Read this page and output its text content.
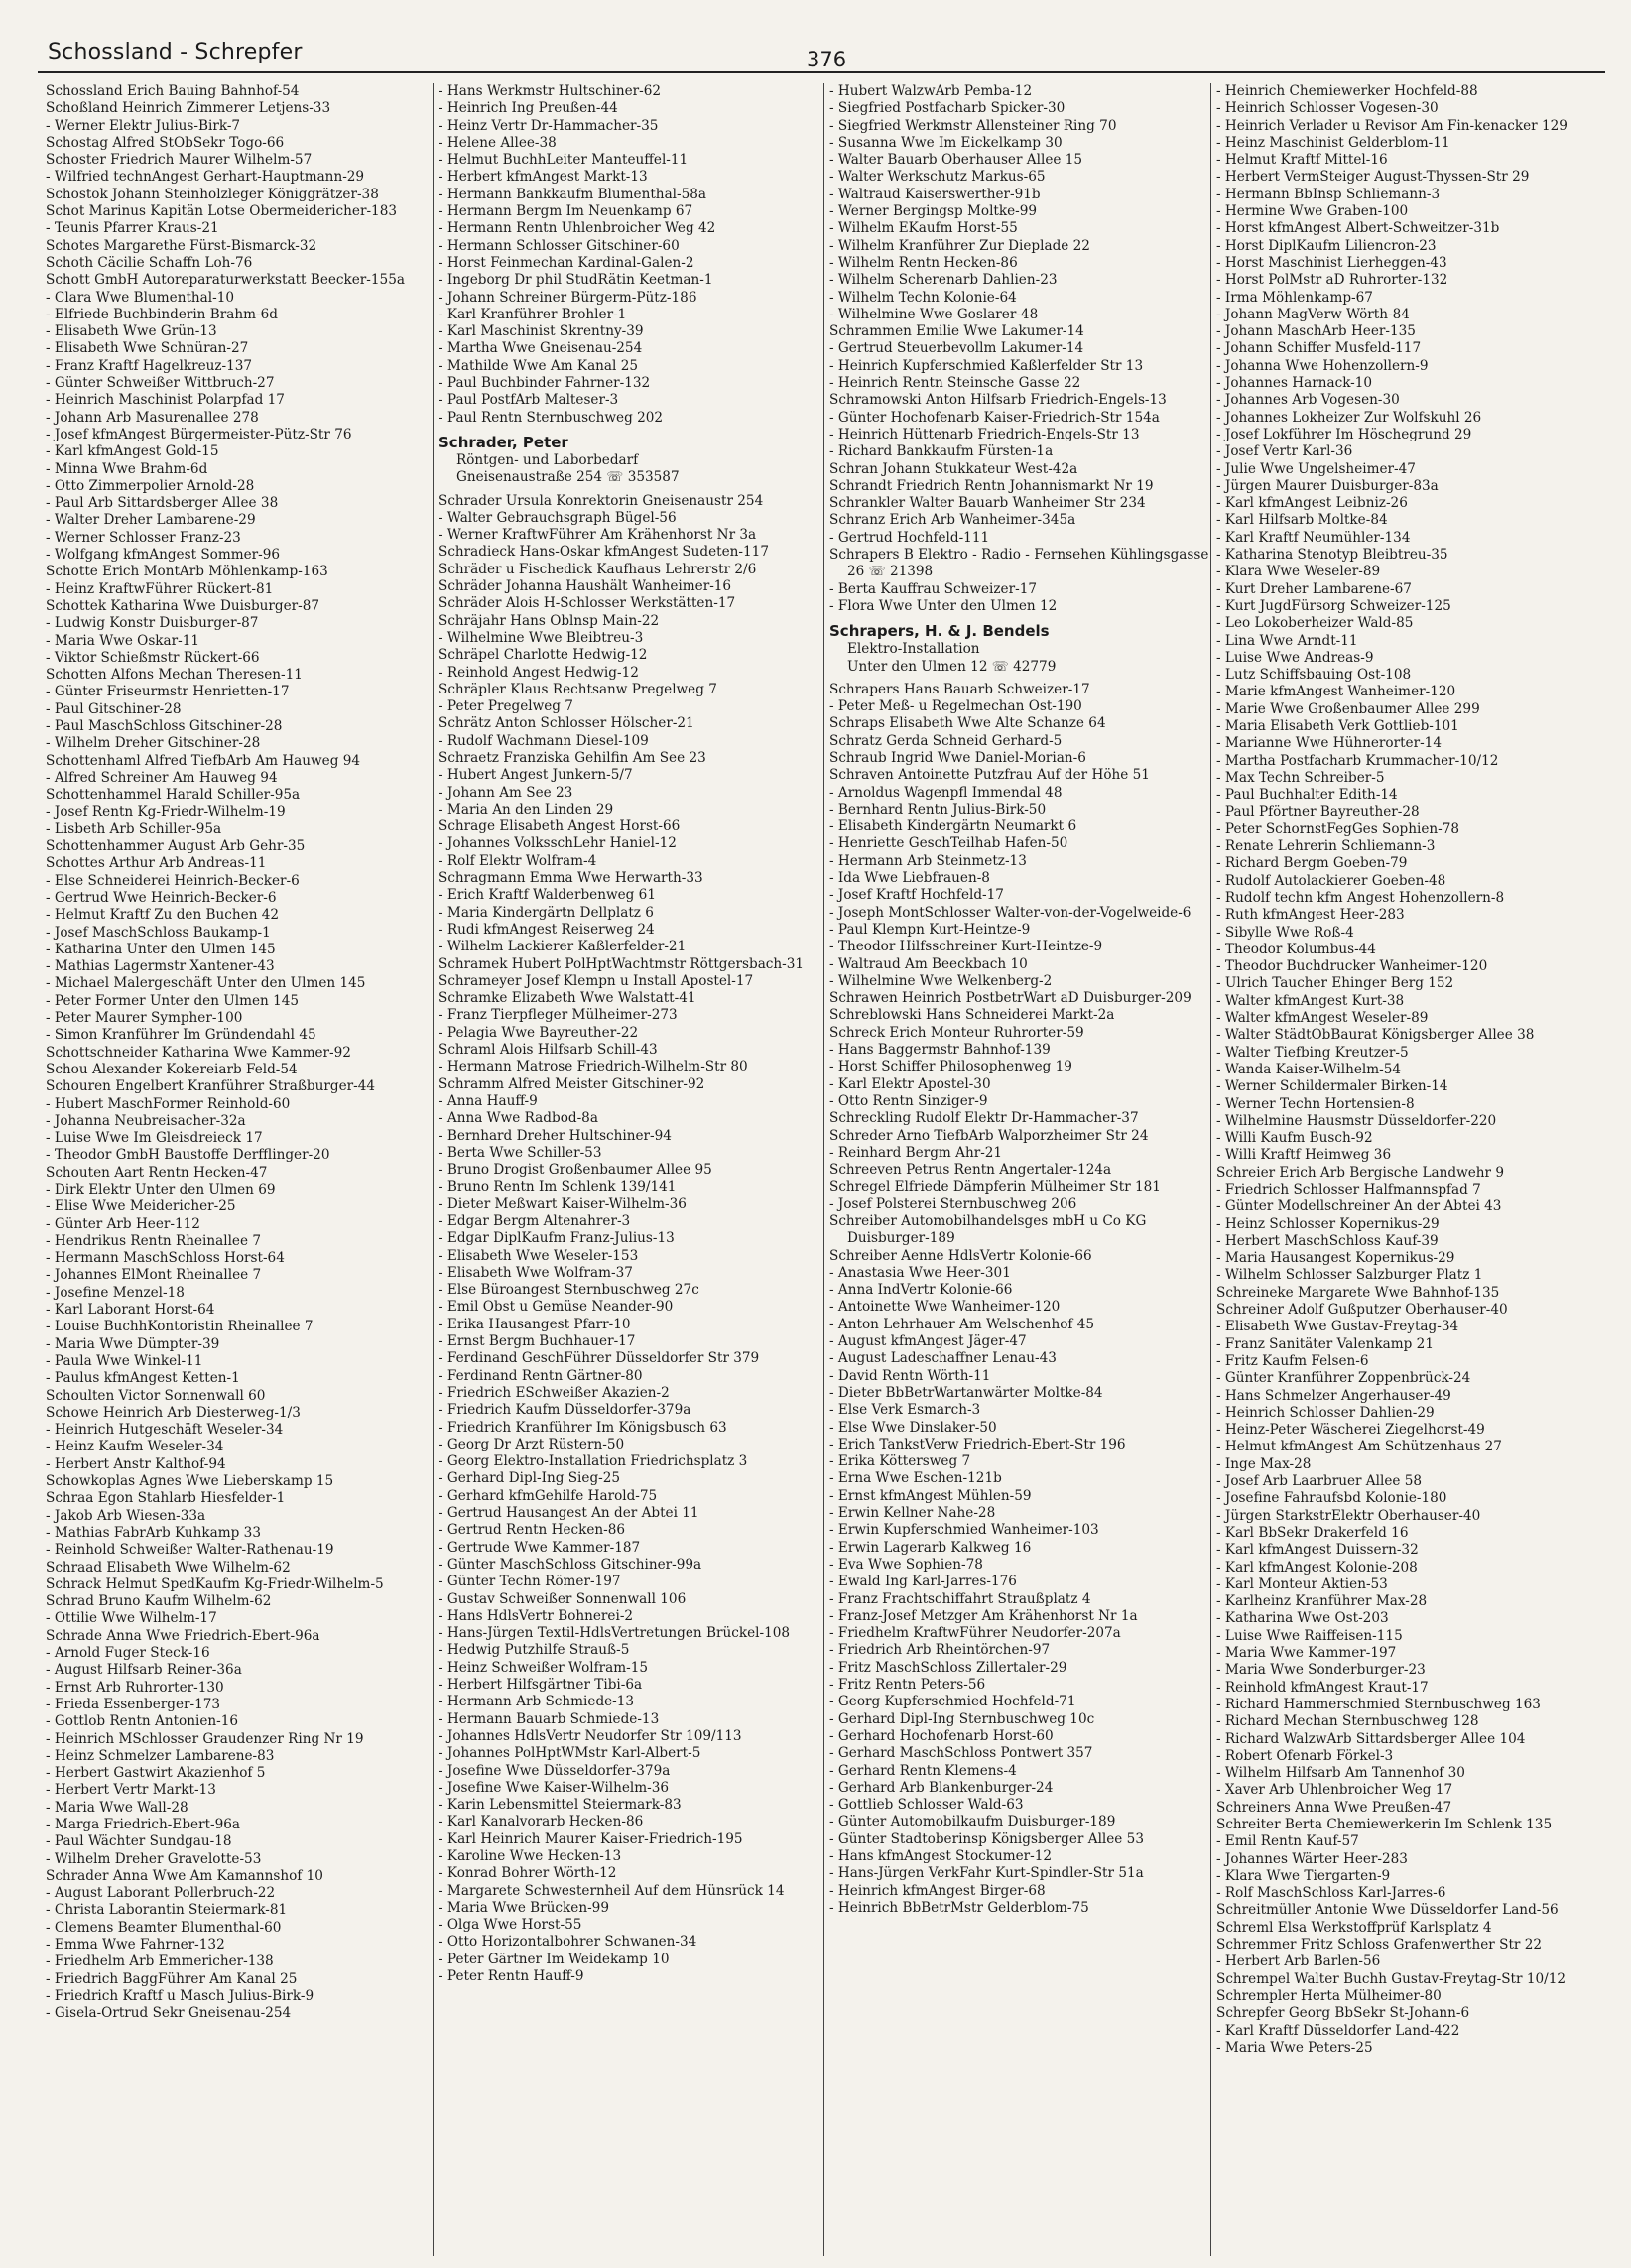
Schossland - Schrepfer	376
Schossland Erich Bauing Bahnhof-54
Schoßland Heinrich Zimmerer Letjens-33
- Werner Elektr Julius-Birk-7
Schostag Alfred StObSekr Togo-66
Schoster Friedrich Maurer Wilhelm-57
- Wilfried technAngest Gerhart-Hauptmann-29
Schostok Johann Steinholzleger Königgrätzer-38
Schot Marinus Kapitän Lotse Obermeidericher-183
- Teunis Pfarrer Kraus-21
Schotes Margarethe Fürst-Bismarck-32
Schoth Cäcilie Schaffn Loh-76
Schott GmbH Autoreparaturwerkstatt Beecker-155a
- Clara Wwe Blumenthal-10
- Elfriede Buchbinderin Brahm-6d
- Elisabeth Wwe Grün-13
- Elisabeth Wwe Schnüran-27
- Franz Kraftf Hagelkreuz-137
- Günter Schweißer Wittbruch-27
- Heinrich Maschinist Polarpfad 17
- Johann Arb Masurenallee 278
- Josef kfmAngest Bürgermeister-Pütz-Str 76
- Karl kfmAngest Gold-15
- Minna Wwe Brahm-6d
- Otto Zimmerpolier Arnold-28
- Paul Arb Sittardsberger Allee 38
- Walter Dreher Lambarene-29
- Werner Schlosser Franz-23
- Wolfgang kfmAngest Sommer-96
Schotte Erich MontArb Möhlenkamp-163
- Heinz KraftwFührer Rückert-81
Schottek Katharina Wwe Duisburger-87
- Ludwig Konstr Duisburger-87
- Maria Wwe Oskar-11
- Viktor Schießmstr Rückert-66
Schotten Alfons Mechan Theresen-11
- Günter Friseurmstr Henrietten-17
- Paul Gitschiner-28
- Paul MaschSchloss Gitschiner-28
- Wilhelm Dreher Gitschiner-28
Schottenhaml Alfred TiefbArb Am Hauweg 94
- Alfred Schreiner Am Hauweg 94
Schottenhammel Harald Schiller-95a
- Josef Rentn Kg-Friedr-Wilhelm-19
- Lisbeth Arb Schiller-95a
Schottenhammer August Arb Gehr-35
Schottes Arthur Arb Andreas-11
- Else Schneiderei Heinrich-Becker-6
- Gertrud Wwe Heinrich-Becker-6
- Helmut Kraftf Zu den Buchen 42
- Josef MaschSchloss Baukamp-1
- Katharina Unter den Ulmen 145
- Mathias Lagermstr Xantener-43
- Michael Malergeschäft Unter den Ulmen 145
- Peter Former Unter den Ulmen 145
- Peter Maurer Sympher-100
- Simon Kranführer Im Gründendahl 45
Schottschneider Katharina Wwe Kammer-92
Schou Alexander Kokereiarb Feld-54
Schouren Engelbert Kranführer Straßburger-44
- Hubert MaschFormer Reinhold-60
- Johanna Neubreisacher-32a
- Luise Wwe Im Gleisdreieck 17
- Theodor GmbH Baustoffe Derfflinger-20
Schouten Aart Rentn Hecken-47
- Dirk Elektr Unter den Ulmen 69
- Elise Wwe Meidericher-25
- Günter Arb Heer-112
- Hendrikus Rentn Rheinallee 7
- Hermann MaschSchloss Horst-64
- Johannes ElMont Rheinallee 7
- Josefine Menzel-18
- Karl Laborant Horst-64
- Louise BuchhKontoristin Rheinallee 7
- Maria Wwe Dümpter-39
- Paula Wwe Winkel-11
- Paulus kfmAngest Ketten-1
Schoulten Victor Sonnenwall 60
Schowe Heinrich Arb Diesterweg-1/3
- Heinrich Hutgeschäft Weseler-34
- Heinz Kaufm Weseler-34
- Herbert Anstr Kalthof-94
Schowkoplas Agnes Wwe Lieberskamp 15
Schraa Egon Stahlarb Hiesfelder-1
- Jakob Arb Wiesen-33a
- Mathias FabrArb Kuhkamp 33
- Reinhold Schweißer Walter-Rathenau-19
Schraad Elisabeth Wwe Wilhelm-62
Schrack Helmut SpedKaufm Kg-Friedr-Wilhelm-5
Schrad Bruno Kaufm Wilhelm-62
- Ottilie Wwe Wilhelm-17
Schrade Anna Wwe Friedrich-Ebert-96a
- Arnold Fuger Steck-16
- August Hilfsarb Reiner-36a
- Ernst Arb Ruhrorter-130
- Frieda Essenberger-173
- Gottlob Rentn Antonien-16
- Heinrich MSchlosser Graudenzer Ring Nr 19
- Heinz Schmelzer Lambarene-83
- Herbert Gastwirt Akazienhof 5
- Herbert Vertr Markt-13
- Maria Wwe Wall-28
- Marga Friedrich-Ebert-96a
- Paul Wächter Sundgau-18
- Wilhelm Dreher Gravelotte-53
Schrader Anna Wwe Am Kamannshof 10
- August Laborant Pollerbruch-22
- Christa Laborantin Steiermark-81
- Clemens Beamter Blumenthal-60
- Emma Wwe Fahrner-132
- Friedhelm Arb Emmericher-138
- Friedrich BaggFührer Am Kanal 25
- Friedrich Kraftf u Masch Julius-Birk-9
- Gisela-Ortrud Sekr Gneisenau-254
- Hans Werkmstr Hultschiner-62
- Heinrich Ing Preußen-44
- Heinz Vertr Dr-Hammacher-35
- Helene Allee-38
- Helmut BuchhLeiter Manteuffel-11
- Herbert kfmAngest Markt-13
- Hermann Bankkaufm Blumenthal-58a
- Hermann Bergm Im Neuenkamp 67
- Hermann Rentn Uhlenbroicher Weg 42
- Hermann Schlosser Gitschiner-60
- Horst Feinmechan Kardinal-Galen-2
- Ingeborg Dr phil StudRätin Keetman-1
- Johann Schreiner Bürgerm-Pütz-186
- Karl Kranführer Brohler-1
- Karl Maschinist Skrentny-39
- Martha Wwe Gneisenau-254
- Mathilde Wwe Am Kanal 25
- Paul Buchbinder Fahrner-132
- Paul PostfArb Malteser-3
- Paul Rentn Sternbuschweg 202
Schrader, Peter
Röntgen- und Laborbedarf
Gneisenaustraße 254 ☏ 353587
Schrader Ursula Konrektorin Gneisenaustr 254
- Walter Gebrauchsgraph Bügel-56
- Werner KraftwFührer Am Krähenhorst Nr 3a
Schradieck Hans-Oskar kfmAngest Sudeten-117
Schräder u Fischedick Kaufhaus Lehrerstr 2/6
Schräder Johanna Haushält Wanheimer-16
Schräder Alois H-Schlosser Werkstätten-17
Schräjahr Hans Oblnsp Main-22
- Wilhelmine Wwe Bleibtreu-3
Schräpel Charlotte Hedwig-12
- Reinhold Angest Hedwig-12
Schräpler Klaus Rechtsanw Pregelweg 7
- Peter Pregelweg 7
Schrätz Anton Schlosser Hölscher-21
- Rudolf Wachmann Diesel-109
Schraetz Franziska Gehilfin Am See 23
- Hubert Angest Junkern-5/7
- Johann Am See 23
- Maria An den Linden 29
Schrage Elisabeth Angest Horst-66
- Johannes VolksschLehr Haniel-12
- Rolf Elektr Wolfram-4
Schragmann Emma Wwe Herwarth-33
- Erich Kraftf Walderbenweg 61
- Maria Kindergärtn Dellplatz 6
- Rudi kfmAngest Reiserweg 24
- Wilhelm Lackierer Kaßlerfelder-21
Schramek Hubert PolHptWachtmstr Röttgersbach-31
Schrameyer Josef Klempn u Install Apostel-17
Schramke Elizabeth Wwe Walstatt-41
- Franz Tierpfleger Mülheimer-273
- Pelagia Wwe Bayreuther-22
Schraml Alois Hilfsarb Schill-43
- Hermann Matrose Friedrich-Wilhelm-Str 80
Schramm Alfred Meister Gitschiner-92
- Anna Hauff-9
- Anna Wwe Radbod-8a
- Bernhard Dreher Hultschiner-94
- Berta Wwe Schiller-53
- Bruno Drogist Großenbaumer Allee 95
- Bruno Rentn Im Schlenk 139/141
- Dieter Meßwart Kaiser-Wilhelm-36
- Edgar Bergm Altenahrer-3
- Edgar DiplKaufm Franz-Julius-13
- Elisabeth Wwe Weseler-153
- Elisabeth Wwe Wolfram-37
- Else Büroangest Sternbuschweg 27c
- Emil Obst u Gemüse Neander-90
- Erika Hausangest Pfarr-10
- Ernst Bergm Buchhauer-17
- Ferdinand GeschFührer Düsseldorfer Str 379
- Ferdinand Rentn Gärtner-80
- Friedrich ESchweißer Akazien-2
- Friedrich Kaufm Düsseldorfer-379a
- Friedrich Kranführer Im Königsbusch 63
- Georg Dr Arzt Rüstern-50
- Georg Elektro-Installation Friedrichsplatz 3
- Gerhard Dipl-Ing Sieg-25
- Gerhard kfmGehilfe Harold-75
- Gertrud Hausangest An der Abtei 11
- Gertrud Rentn Hecken-86
- Gertrude Wwe Kammer-187
- Günter MaschSchloss Gitschiner-99a
- Günter Techn Römer-197
- Gustav Schweißer Sonnenwall 106
- Hans HdlsVertr Bohnerei-2
- Hans-Jürgen Textil-HdlsVertretungen Brückel-108
- Hedwig Putzhilfe Strauß-5
- Heinz Schweißer Wolfram-15
- Herbert Hilfsgärtner Tibi-6a
- Hermann Arb Schmiede-13
- Hermann Bauarb Schmiede-13
- Johannes HdlsVertr Neudorfer Str 109/113
- Johannes PolHptWMstr Karl-Albert-5
- Josefine Wwe Düsseldorfer-379a
- Josefine Wwe Kaiser-Wilhelm-36
- Karin Lebensmittel Steiermark-83
- Karl Kanalvorarb Hecken-86
- Karl Heinrich Maurer Kaiser-Friedrich-195
- Karoline Wwe Hecken-13
- Konrad Bohrer Wörth-12
- Margarete Schwesternheil Auf dem Hünsrück 14
- Maria Wwe Brücken-99
- Olga Wwe Horst-55
- Otto Horizontalbohrer Schwanen-34
- Peter Gärtner Im Weidekamp 10
- Peter Rentn Hauff-9
- Hubert WalzwArb Pemba-12
- Siegfried Postfacharb Spicker-30
- Siegfried Werkmstr Allensteiner Ring 70
- Susanna Wwe Im Eickelkamp 30
- Walter Bauarb Oberhauser Allee 15
- Walter Werkschutz Markus-65
- Waltraud Kaiserswerther-91b
- Werner Bergingsp Moltke-99
- Wilhelm EKaufm Horst-55
- Wilhelm Kranführer Zur Dieplade 22
- Wilhelm Rentn Hecken-86
- Wilhelm Scherenarb Dahlien-23
- Wilhelm Techn Kolonie-64
- Wilhelmine Wwe Goslarer-48
Schrammen Emilie Wwe Lakumer-14
- Gertrud Steuerbevollm Lakumer-14
- Heinrich Kupferschmied Kaßlerfelder Str 13
- Heinrich Rentn Steinsche Gasse 22
Schramowski Anton Hilfsarb Friedrich-Engels-13
- Günter Hochofenarb Kaiser-Friedrich-Str 154a
- Heinrich Hüttenarb Friedrich-Engels-Str 13
- Richard Bankkaufm Fürsten-1a
Schran Johann Stukkateur West-42a
Schrandt Friedrich Rentn Johannismarkt Nr 19
Schrankler Walter Bauarb Wanheimer Str 234
Schranz Erich Arb Wanheimer-345a
- Gertrud Hochfeld-111
Schrapers B Elektro - Radio - Fernsehen Kühlingsgasse 26 ☏ 21398
- Berta Kauffrau Schweizer-17
- Flora Wwe Unter den Ulmen 12
Schrapers, H. & J. Bendels
Elektro-Installation
Unter den Ulmen 12 ☏ 42779
Schrapers Hans Bauarb Schweizer-17
- Peter Meß- u Regelmechan Ost-190
Schraps Elisabeth Wwe Alte Schanze 64
Schratz Gerda Schneid Gerhard-5
Schraub Ingrid Wwe Daniel-Morian-6
Schraven Antoinette Putzfrau Auf der Höhe 51
- Arnoldus Wagenpfl Immendal 48
- Bernhard Rentn Julius-Birk-50
- Elisabeth Kindergärtn Neumarkt 6
- Henriette GeschTeilhab Hafen-50
- Hermann Arb Steinmetz-13
- Ida Wwe Liebfrauen-8
- Josef Kraftf Hochfeld-17
- Joseph MontSchlosser Walter-von-der-Vogelweide-6
- Paul Klempn Kurt-Heintze-9
- Theodor Hilfsschreiner Kurt-Heintze-9
- Waltraud Am Beeckbach 10
- Wilhelmine Wwe Welkenberg-2
Schrawen Heinrich PostbetrWart aD Duisburger-209
Schreblowski Hans Schneiderei Markt-2a
Schreck Erich Monteur Ruhrorter-59
- Hans Baggermstr Bahnhof-139
- Horst Schiffer Philosophenweg 19
- Karl Elektr Apostel-30
- Otto Rentn Sinziger-9
Schreckling Rudolf Elektr Dr-Hammacher-37
Schreder Arno TiefbArb Walporzheimer Str 24
- Reinhard Bergm Ahr-21
Schreeven Petrus Rentn Angertaler-124a
Schregel Elfriede Dämpferin Mülheimer Str 181
- Josef Polsterei Sternbuschweg 206
Schreiber Automobilhandelsges mbH u Co KG Duisburger-189
Schreiber Aenne HdlsVertr Kolonie-66
- Anastasia Wwe Heer-301
- Anna IndVertr Kolonie-66
- Antoinette Wwe Wanheimer-120
- Anton Lehrhauer Am Welschenhof 45
- August kfmAngest Jäger-47
- August Ladeschaffner Lenau-43
- David Rentn Wörth-11
- Dieter BbBetrWartanwärter Moltke-84
- Else Verk Esmarch-3
- Else Wwe Dinslaker-50
- Erich TankstVerw Friedrich-Ebert-Str 196
- Erika Köttersweg 7
- Erna Wwe Eschen-121b
- Ernst kfmAngest Mühlen-59
- Erwin Kellner Nahe-28
- Erwin Kupferschmied Wanheimer-103
- Erwin Lagerarb Kalkweg 16
- Eva Wwe Sophien-78
- Ewald Ing Karl-Jarres-176
- Franz Frachtschiffahrt Straußplatz 4
- Franz-Josef Metzger Am Krähenhorst Nr 1a
- Friedhelm KraftwFührer Neudorfer-207a
- Friedrich Arb Rheintörchen-97
- Fritz MaschSchloss Zillertaler-29
- Fritz Rentn Peters-56
- Georg Kupferschmied Hochfeld-71
- Gerhard Dipl-Ing Sternbuschweg 10c
- Gerhard Hochofenarb Horst-60
- Gerhard MaschSchloss Pontwert 357
- Gerhard Rentn Klemens-4
- Gerhard Arb Blankenburger-24
- Gottlieb Schlosser Wald-63
- Günter Automobilkaufm Duisburger-189
- Günter Stadtoberinsp Königsberger Allee 53
- Hans kfmAngest Stockumer-12
- Hans-Jürgen VerkFahr Kurt-Spindler-Str 51a
- Heinrich kfmAngest Birger-68
- Heinrich BbBetrMstr Gelderblom-75
- Heinrich Chemiewerker Hochfeld-88
- Heinrich Schlosser Vogesen-30
- Heinrich Verlader u Revisor Am Fin-kenacker 129
- Heinz Maschinist Gelderblom-11
- Helmut Kraftf Mittel-16
- Herbert VermSteiger August-Thyssen-Str 29
- Hermann BbInsp Schliemann-3
- Hermine Wwe Graben-100
- Horst kfmAngest Albert-Schweitzer-31b
- Horst DiplKaufm Liliencron-23
- Horst Maschinist Lierheggen-43
- Horst PolMstr aD Ruhrorter-132
- Irma Möhlenkamp-67
- Johann MagVerw Wörth-84
- Johann MaschArb Heer-135
- Johann Schiffer Musfeld-117
- Johanna Wwe Hohenzollern-9
- Johannes Harnack-10
- Johannes Arb Vogesen-30
- Johannes Lokheizer Zur Wolfskuhl 26
- Josef Lokführer Im Höschegrund 29
- Josef Vertr Karl-36
- Julie Wwe Ungelsheimer-47
- Jürgen Maurer Duisburger-83a
- Karl kfmAngest Leibniz-26
- Karl Hilfsarb Moltke-84
- Karl Kraftf Neumühler-134
- Katharina Stenotyp Bleibtreu-35
- Klara Wwe Weseler-89
- Kurt Dreher Lambarene-67
- Kurt JugdFürsorg Schweizer-125
- Leo Lokoberheizer Wald-85
- Lina Wwe Arndt-11
- Luise Wwe Andreas-9
- Lutz Schiffsbauing Ost-108
- Marie kfmAngest Wanheimer-120
- Marie Wwe Großenbaumer Allee 299
- Maria Elisabeth Verk Gottlieb-101
- Marianne Wwe Hühnerorter-14
- Martha Postfacharb Krummacher-10/12
- Max Techn Schreiber-5
- Paul Buchhalter Edith-14
- Paul Pförtner Bayreuther-28
- Peter SchornstFegGes Sophien-78
- Renate Lehrerin Schliemann-3
- Richard Bergm Goeben-79
- Rudolf Autolackierer Goeben-48
- Rudolf techn kfm Angest Hohenzollern-8
- Ruth kfmAngest Heer-283
- Sibylle Wwe Roß-4
- Theodor Kolumbus-44
- Theodor Buchdrucker Wanheimer-120
- Ulrich Taucher Ehinger Berg 152
- Walter kfmAngest Kurt-38
- Walter kfmAngest Weseler-89
- Walter StädtObBaurat Königsberger Allee 38
- Walter Tiefbing Kreutzer-5
- Wanda Kaiser-Wilhelm-54
- Werner Schildermaler Birken-14
- Werner Techn Hortensien-8
- Wilhelmine Hausmstr Düsseldorfer-220
- Willi Kaufm Busch-92
- Willi Kraftf Heimweg 36
Schreier Erich Arb Bergische Landwehr 9
- Friedrich Schlosser Halfmannspfad 7
- Günter Modellschreiner An der Abtei 43
- Heinz Schlosser Kopernikus-29
- Herbert MaschSchloss Kauf-39
- Maria Hausangest Kopernikus-29
- Wilhelm Schlosser Salzburger Platz 1
Schreineke Margarete Wwe Bahnhof-135
Schreiner Adolf Gußputzer Oberhauser-40
- Elisabeth Wwe Gustav-Freytag-34
- Franz Sanitäter Valenkamp 21
- Fritz Kaufm Felsen-6
- Günter Kranführer Zoppenbrück-24
- Hans Schmelzer Angerhauser-49
- Heinrich Schlosser Dahlien-29
- Heinz-Peter Wäscherei Ziegelhorst-49
- Helmut kfmAngest Am Schützenhaus 27
- Inge Max-28
- Josef Arb Laarbruer Allee 58
- Josefine Fahraufsbd Kolonie-180
- Jürgen StarkstrElektr Oberhauser-40
- Karl BbSekr Drakerfeld 16
- Karl kfmAngest Duissern-32
- Karl kfmAngest Kolonie-208
- Karl Monteur Aktien-53
- Karlheinz Kranführer Max-28
- Katharina Wwe Ost-203
- Luise Wwe Raiffeisen-115
- Maria Wwe Kammer-197
- Maria Wwe Sonderburger-23
- Reinhold kfmAngest Kraut-17
- Richard Hammerschmied Sternbuschweg 163
- Richard Mechan Sternbuschweg 128
- Richard WalzwArb Sittardsberger Allee 104
- Robert Ofenarb Förkel-3
- Wilhelm Hilfsarb Am Tannenhof 30
- Xaver Arb Uhlenbroicher Weg 17
Schreiners Anna Wwe Preußen-47
Schreiter Berta Chemiewerkerin Im Schlenk 135
- Emil Rentn Kauf-57
- Johannes Wärter Heer-283
- Klara Wwe Tiergarten-9
- Rolf MaschSchloss Karl-Jarres-6
Schreitmüller Antonie Wwe Düsseldorfer Land-56
Schreml Elsa Werkstoffprüf Karlsplatz 4
Schremmer Fritz Schloss Grafenwerther Str 22
- Herbert Arb Barlen-56
Schrempel Walter Buchh Gustav-Freytag-Str 10/12
Schrempler Herta Mülheimer-80
Schrepfer Georg BbSekr St-Johann-6
- Karl Kraftf Düsseldorfer Land-422
- Maria Wwe Peters-25
